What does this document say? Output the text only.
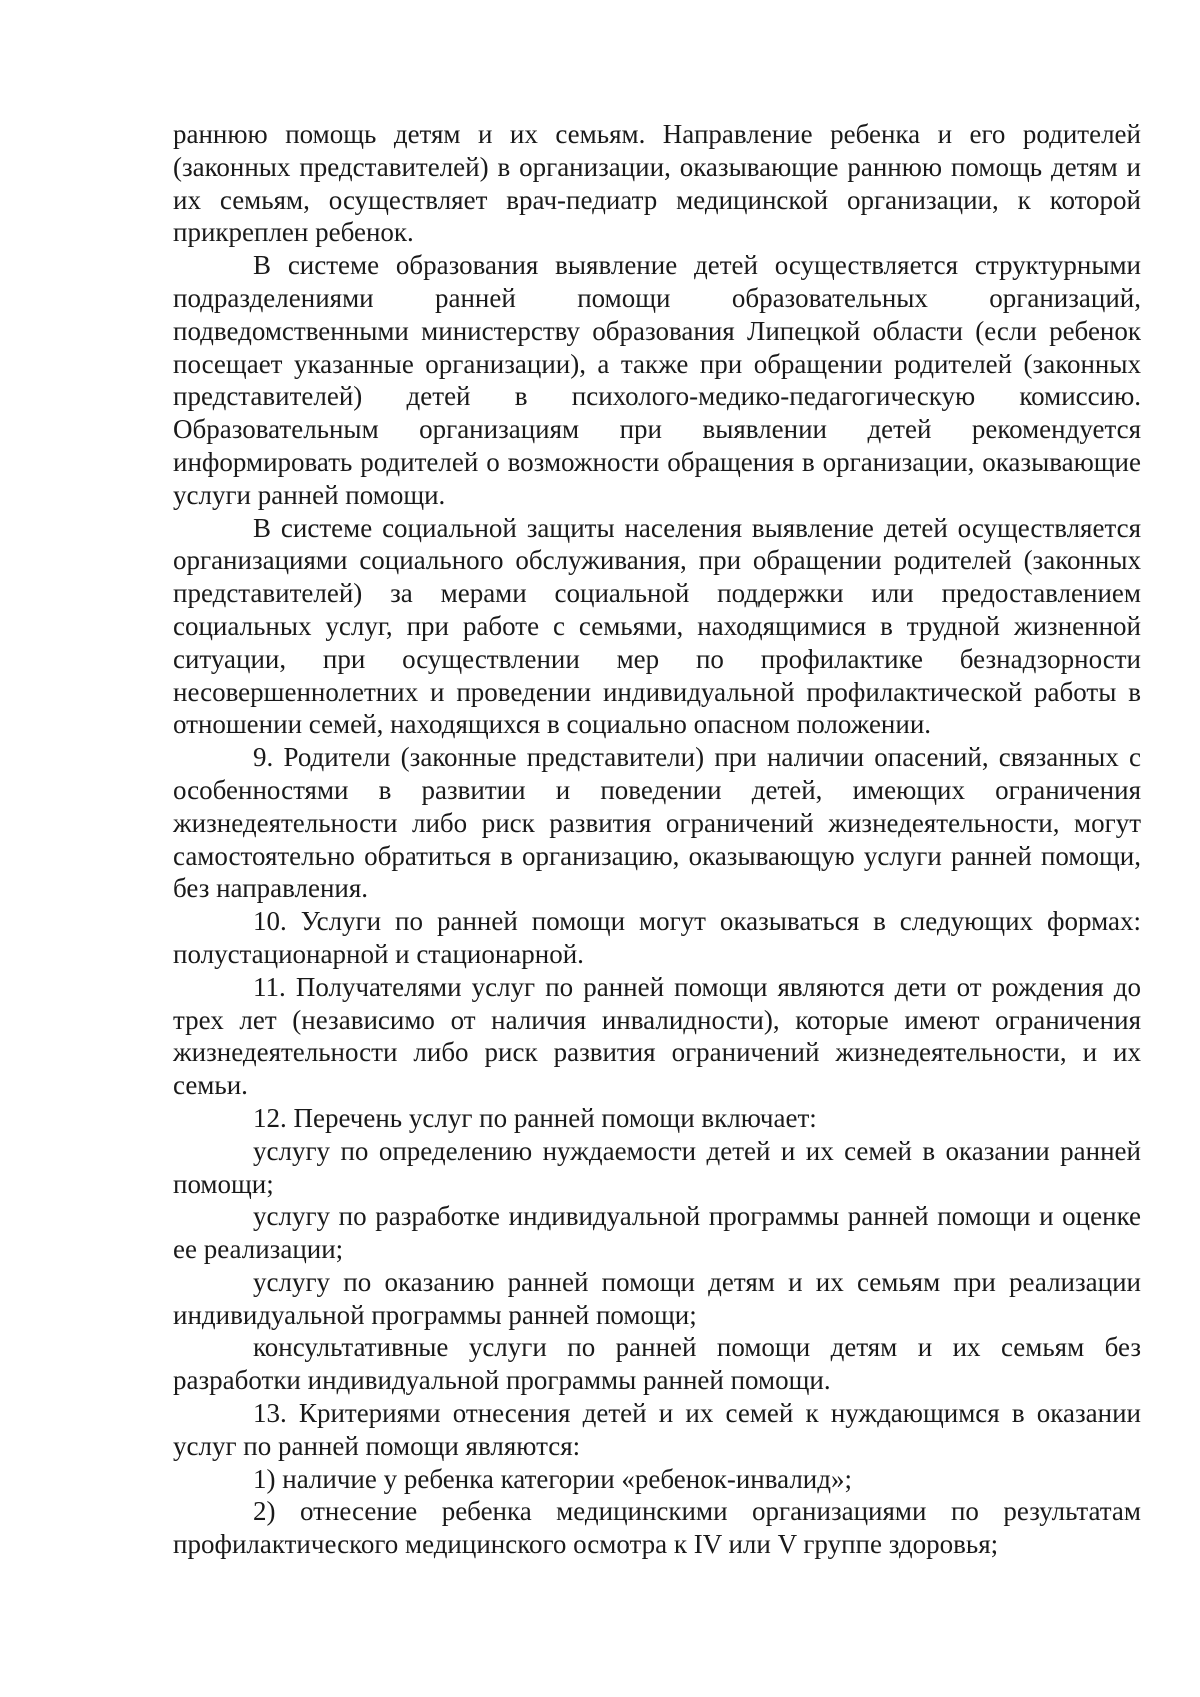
раннюю помощь детям и их семьям. Направление ребенка и его родителей (законных представителей) в организации, оказывающие раннюю помощь детям и их семьям, осуществляет врач-педиатр медицинской организации, к которой прикреплен ребенок.

В системе образования выявление детей осуществляется структурными подразделениями ранней помощи образовательных организаций, подведомственными министерству образования Липецкой области (если ребенок посещает указанные организации), а также при обращении родителей (законных представителей) детей в психолого-медико-педагогическую комиссию. Образовательным организациям при выявлении детей рекомендуется информировать родителей о возможности обращения в организации, оказывающие услуги ранней помощи.

В системе социальной защиты населения выявление детей осуществляется организациями социального обслуживания, при обращении родителей (законных представителей) за мерами социальной поддержки или предоставлением социальных услуг, при работе с семьями, находящимися в трудной жизненной ситуации, при осуществлении мер по профилактике безнадзорности несовершеннолетних и проведении индивидуальной профилактической работы в отношении семей, находящихся в социально опасном положении.

9. Родители (законные представители) при наличии опасений, связанных с особенностями в развитии и поведении детей, имеющих ограничения жизнедеятельности либо риск развития ограничений жизнедеятельности, могут самостоятельно обратиться в организацию, оказывающую услуги ранней помощи, без направления.

10. Услуги по ранней помощи могут оказываться в следующих формах: полустационарной и стационарной.

11. Получателями услуг по ранней помощи являются дети от рождения до трех лет (независимо от наличия инвалидности), которые имеют ограничения жизнедеятельности либо риск развития ограничений жизнедеятельности, и их семьи.

12. Перечень услуг по ранней помощи включает:

услугу по определению нуждаемости детей и их семей в оказании ранней помощи;

услугу по разработке индивидуальной программы ранней помощи и оценке ее реализации;

услугу по оказанию ранней помощи детям и их семьям при реализации индивидуальной программы ранней помощи;

консультативные услуги по ранней помощи детям и их семьям без разработки индивидуальной программы ранней помощи.

13. Критериями отнесения детей и их семей к нуждающимся в оказании услуг по ранней помощи являются:

1) наличие у ребенка категории «ребенок-инвалид»;

2) отнесение ребенка медицинскими организациями по результатам профилактического медицинского осмотра к IV или V группе здоровья;
